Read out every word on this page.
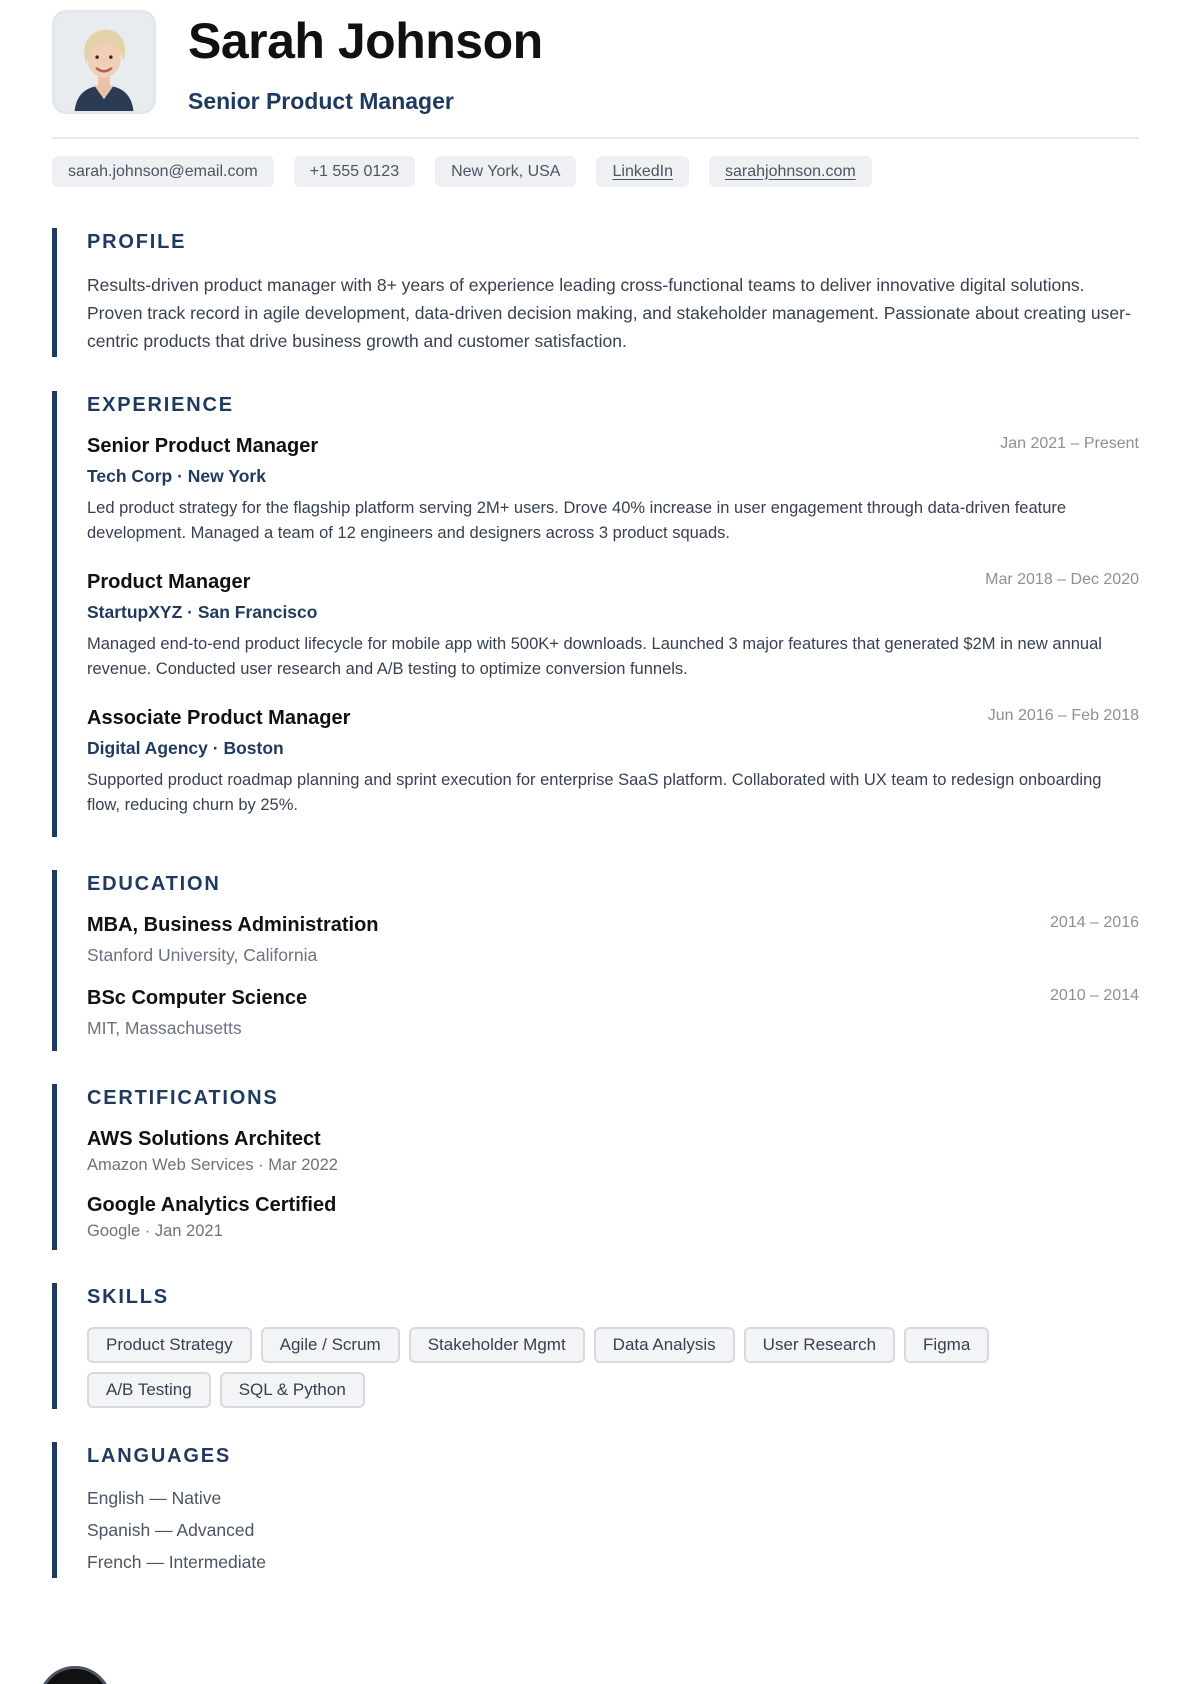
Sarah Johnson
Senior Product Manager
sarah.johnson@email.com	+1 555 0123	New York, USA	LinkedIn	sarahjohnson.com
PROFILE
Results-driven product manager with 8+ years of experience leading cross-functional teams to deliver innovative digital solutions. Proven track record in agile development, data-driven decision making, and stakeholder management. Passionate about creating user-centric products that drive business growth and customer satisfaction.
EXPERIENCE
Senior Product Manager	Jan 2021 – Present
Tech Corp · New York
Led product strategy for the flagship platform serving 2M+ users. Drove 40% increase in user engagement through data-driven feature development. Managed a team of 12 engineers and designers across 3 product squads.
Product Manager	Mar 2018 – Dec 2020
StartupXYZ · San Francisco
Managed end-to-end product lifecycle for mobile app with 500K+ downloads. Launched 3 major features that generated $2M in new annual revenue. Conducted user research and A/B testing to optimize conversion funnels.
Associate Product Manager	Jun 2016 – Feb 2018
Digital Agency · Boston
Supported product roadmap planning and sprint execution for enterprise SaaS platform. Collaborated with UX team to redesign onboarding flow, reducing churn by 25%.
EDUCATION
MBA, Business Administration	2014 – 2016
Stanford University, California
BSc Computer Science	2010 – 2014
MIT, Massachusetts
CERTIFICATIONS
AWS Solutions Architect
Amazon Web Services · Mar 2022
Google Analytics Certified
Google · Jan 2021
SKILLS
Product Strategy	Agile / Scrum	Stakeholder Mgmt	Data Analysis	User Research	Figma
A/B Testing	SQL & Python
LANGUAGES
English — Native
Spanish — Advanced
French — Intermediate
